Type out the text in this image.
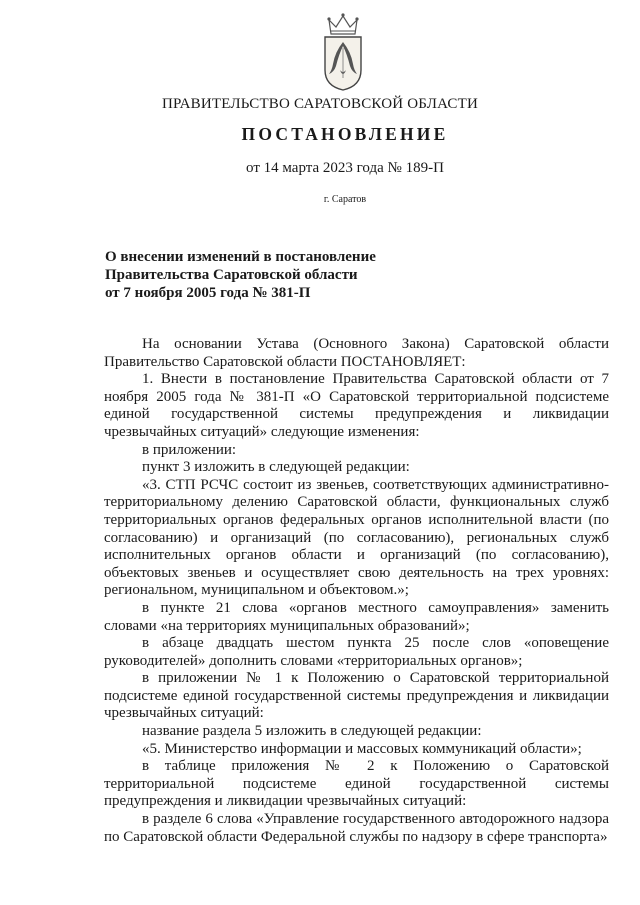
ПРАВИТЕЛЬСТВО САРАТОВСКОЙ ОБЛАСТИ
ПОСТАНОВЛЕНИЕ
от 14 марта 2023 года № 189-П
г. Саратов
О внесении изменений в постановление
Правительства Саратовской области
от 7 ноября 2005 года № 381-П

На основании Устава (Основного Закона) Саратовской области Правительство Саратовской области ПОСТАНОВЛЯЕТ:

1. Внести в постановление Правительства Саратовской области от 7 ноября 2005 года № 381-П «О Саратовской территориальной подсистеме единой государственной системы предупреждения и ликвидации чрезвычайных ситуаций» следующие изменения:

в приложении:

пункт 3 изложить в следующей редакции:

«3. СТП РСЧС состоит из звеньев, соответствующих административно-территориальному делению Саратовской области, функциональных служб территориальных органов федеральных органов исполнительной власти (по согласованию) и организаций (по согласованию), региональных служб исполнительных органов области и организаций (по согласованию), объектовых звеньев и осуществляет свою деятельность на трех уровнях: региональном, муниципальном и объектовом.»;

в пункте 21 слова «органов местного самоуправления» заменить словами «на территориях муниципальных образований»;

в абзаце двадцать шестом пункта 25 после слов «оповещение руководителей» дополнить словами «территориальных органов»;

в приложении № 1 к Положению о Саратовской территориальной подсистеме единой государственной системы предупреждения и ликвидации чрезвычайных ситуаций:

название раздела 5 изложить в следующей редакции:

«5. Министерство информации и массовых коммуникаций области»;

в таблице приложения № 2 к Положению о Саратовской территориальной подсистеме единой государственной системы предупреждения и ликвидации чрезвычайных ситуаций:

в разделе 6 слова «Управление государственного автодорожного надзора по Саратовской области Федеральной службы по надзору в сфере транспорта»
